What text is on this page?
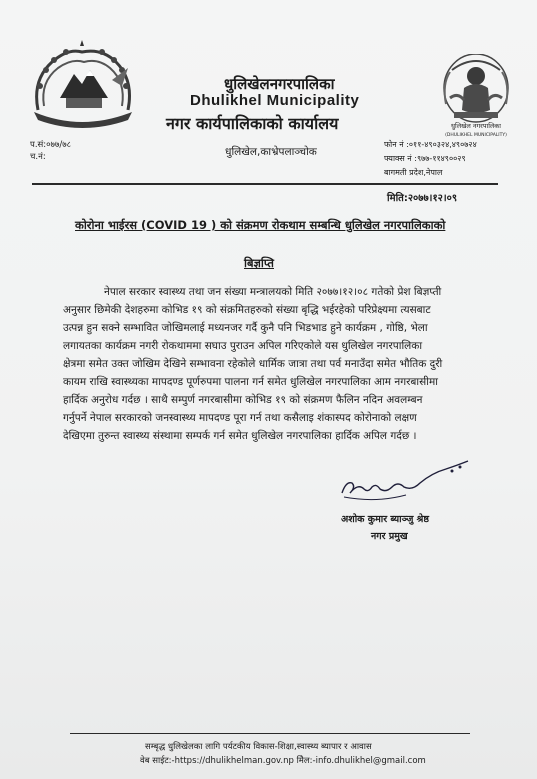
धुलिखेलनगरपालिका
Dhulikhel Municipality
नगर कार्यपालिकाको कार्यालय
धुलिखेल,काभ्रेपलाञ्चोक
धुलिखेल नगरपालिका
(DHULIKHEL MUNICIPALITY)
प.सं:०७७/७८
च.नं:
फोन नं :०११-४९०३२४,४९०७२४
फ्याक्स नं :९७७-११४९००२९
बागमती प्रदेश,नेपाल
मिति:२०७७।१२।०९
कोरोना भाईरस (COVID 19 ) को संक्रमण रोकथाम सम्बन्धि धुलिखेल नगरपालिकाको
बिज्ञप्ति
नेपाल सरकार स्वास्थ्य तथा जन संख्या मन्त्रालयको मिति २०७७।१२।०८ गतेको प्रेश बिज्ञप्ती
अनुसार छिमेकी देशहरुमा कोभिड १९ को संक्रमितहरुको संख्या बृद्धि भईरहेको परिप्रेक्ष्यमा त्यसबाट
उत्पन्न हुन सक्ने सम्भावित जोखिमलाई मध्यनजर गर्दै कुनै पनि भिडभाड हुने कार्यक्रम , गोष्ठि, भेला
लगायतका कार्यक्रम नगरी रोकथाममा सघाउ पुराउन अपिल गरिएकोले यस धुलिखेल नगरपालिका
क्षेत्रमा समेत उक्त जोखिम देखिने सम्भावना रहेकोले धार्मिक जात्रा तथा पर्व मनाउँदा समेत भौतिक दुरी
कायम राखि स्वास्थ्यका मापदण्ड पूर्णरुपमा पालना गर्न समेत धुलिखेल नगरपालिका आम नगरबासीमा
हार्दिक अनुरोध गर्दछ । साथै सम्पुर्ण नगरबासीमा कोभिड १९ को संक्रमण फैलिन नदिन अवलम्बन
गर्नुपर्ने नेपाल सरकारको जनस्वास्थ्य मापदण्ड पूरा गर्न तथा कसैलाइ शंकास्पद कोरोनाको लक्षण
देखिएमा तुरुन्त स्वास्थ्य संस्थामा सम्पर्क गर्न समेत धुलिखेल नगरपालिका हार्दिक अपिल गर्दछ ।
अशोक कुमार ब्याञ्जु श्रेष्ठ
नगर प्रमुख
सम्बृद्ध धुलिखेलका लागि पर्यटकीय विकास-शिक्षा,स्वास्थ्य ब्यापार र आवास
वेब साईट:-https://dhulikhelman.gov.np मिेल:-info.dhulikhel@gmail.com
